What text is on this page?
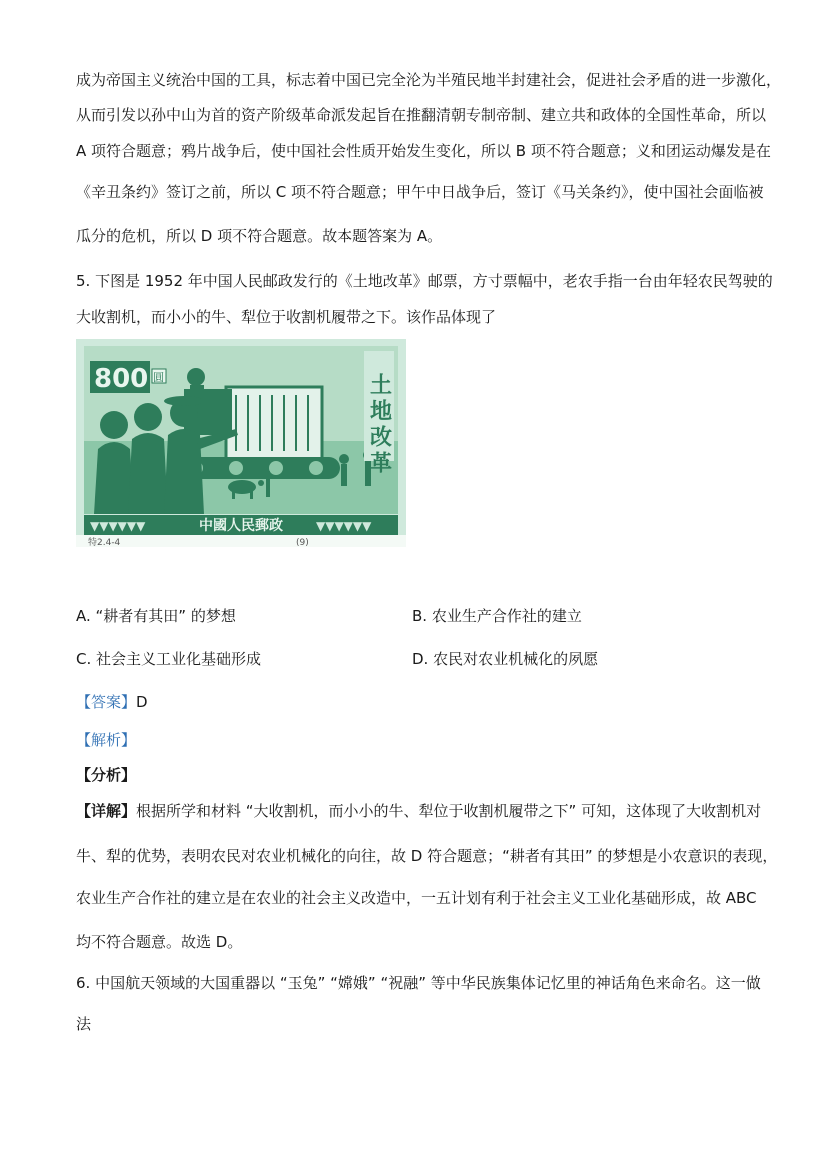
成为帝国主义统治中国的工具，标志着中国已完全沦为半殖民地半封建社会，促进社会矛盾的进一步激化，
从而引发以孙中山为首的资产阶级革命派发起旨在推翻清朝专制帝制、建立共和政体的全国性革命，所以
A 项符合题意；鸦片战争后，使中国社会性质开始发生变化，所以 B 项不符合题意；义和团运动爆发是在
《辛丑条约》签订之前，所以 C 项不符合题意；甲午中日战争后，签订《马关条约》，使中国社会面临被
瓜分的危机，所以 D 项不符合题意。故本题答案为 A。
5. 下图是 1952 年中国人民邮政发行的《土地改革》邮票，方寸票幅中，老农手指一台由年轻农民驾驶的
大收割机，而小小的牛、犁位于收割机履带之下。该作品体现了
800 圓	土地改革
▼▼▼▼▼▼	中國人民郵政	▼▼▼▼▼▼
特2.4-4	(9)
A. “耕者有其田” 的梦想	B. 农业生产合作社的建立
C. 社会主义工业化基础形成	D. 农民对农业机械化的夙愿
【答案】D
【解析】
【分析】
【详解】根据所学和材料 “大收割机，而小小的牛、犁位于收割机履带之下” 可知，这体现了大收割机对
牛、犁的优势，表明农民对农业机械化的向往，故 D 符合题意；“耕者有其田” 的梦想是小农意识的表现，
农业生产合作社的建立是在农业的社会主义改造中，一五计划有利于社会主义工业化基础形成，故 ABC
均不符合题意。故选 D。
6. 中国航天领域的大国重器以 “玉兔” “嫦娥” “祝融” 等中华民族集体记忆里的神话角色来命名。这一做
法
